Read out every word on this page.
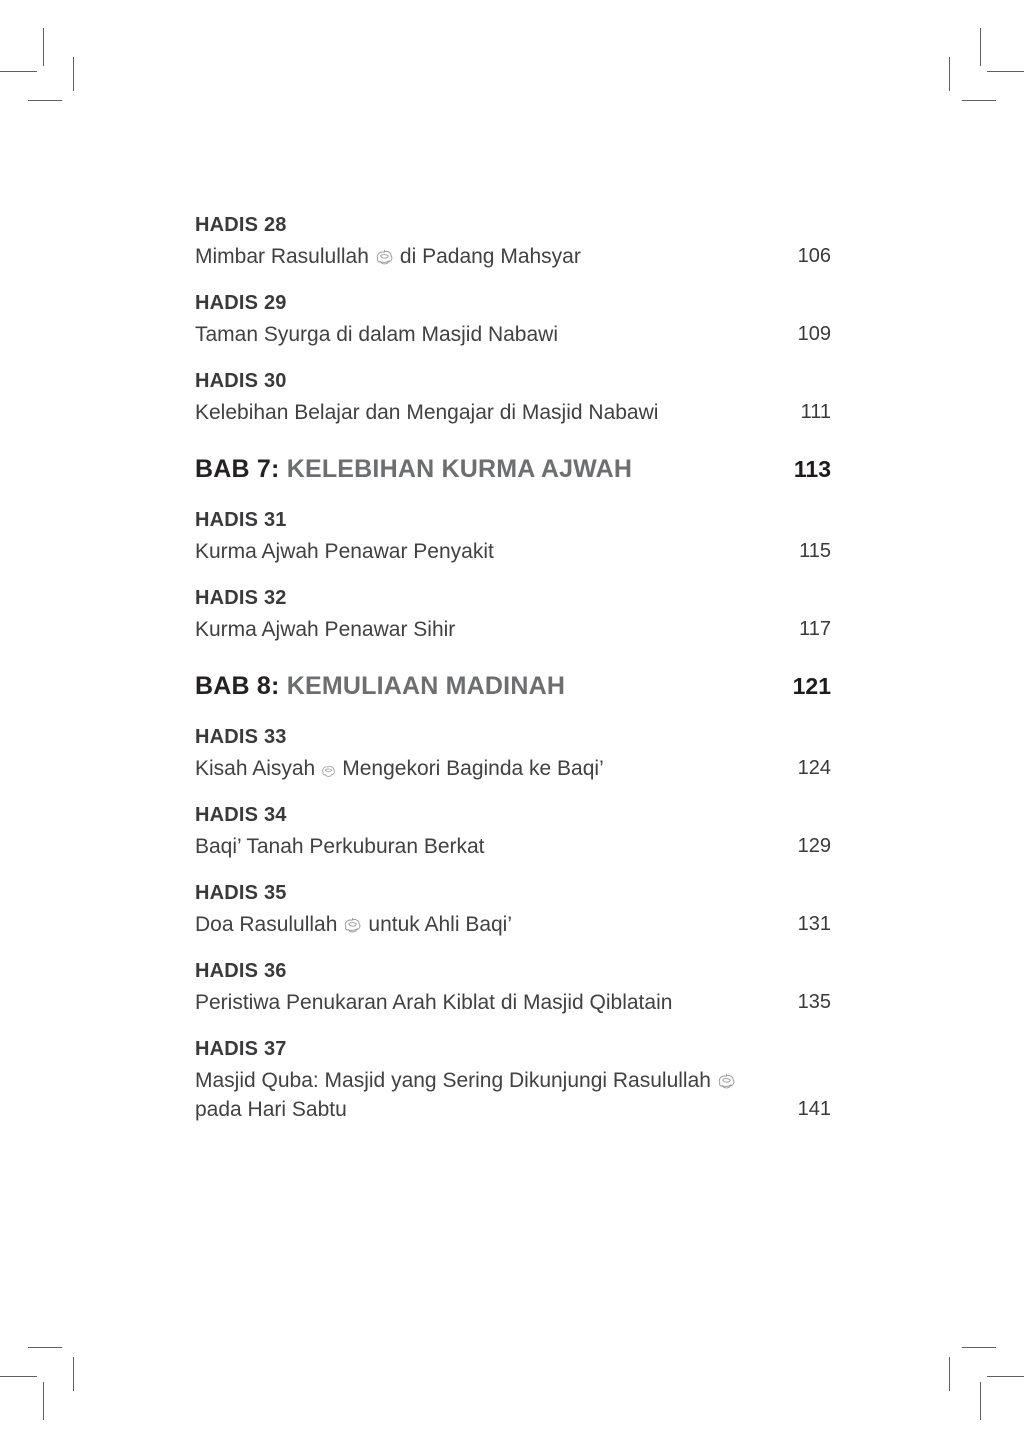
HADIS 28
Mimbar Rasulullah di Padang Mahsyar	106
HADIS 29
Taman Syurga di dalam Masjid Nabawi	109
HADIS 30
Kelebihan Belajar dan Mengajar di Masjid Nabawi	111
BAB 7: KELEBIHAN KURMA AJWAH	113
HADIS 31
Kurma Ajwah Penawar Penyakit	115
HADIS 32
Kurma Ajwah Penawar Sihir	117
BAB 8: KEMULIAAN MADINAH	121
HADIS 33
Kisah Aisyah Mengekori Baginda ke Baqi’	124
HADIS 34
Baqi’ Tanah Perkuburan Berkat	129
HADIS 35
Doa Rasulullah untuk Ahli Baqi’	131
HADIS 36
Peristiwa Penukaran Arah Kiblat di Masjid Qiblatain	135
HADIS 37
Masjid Quba: Masjid yang Sering Dikunjungi Rasulullah
pada Hari Sabtu	141
